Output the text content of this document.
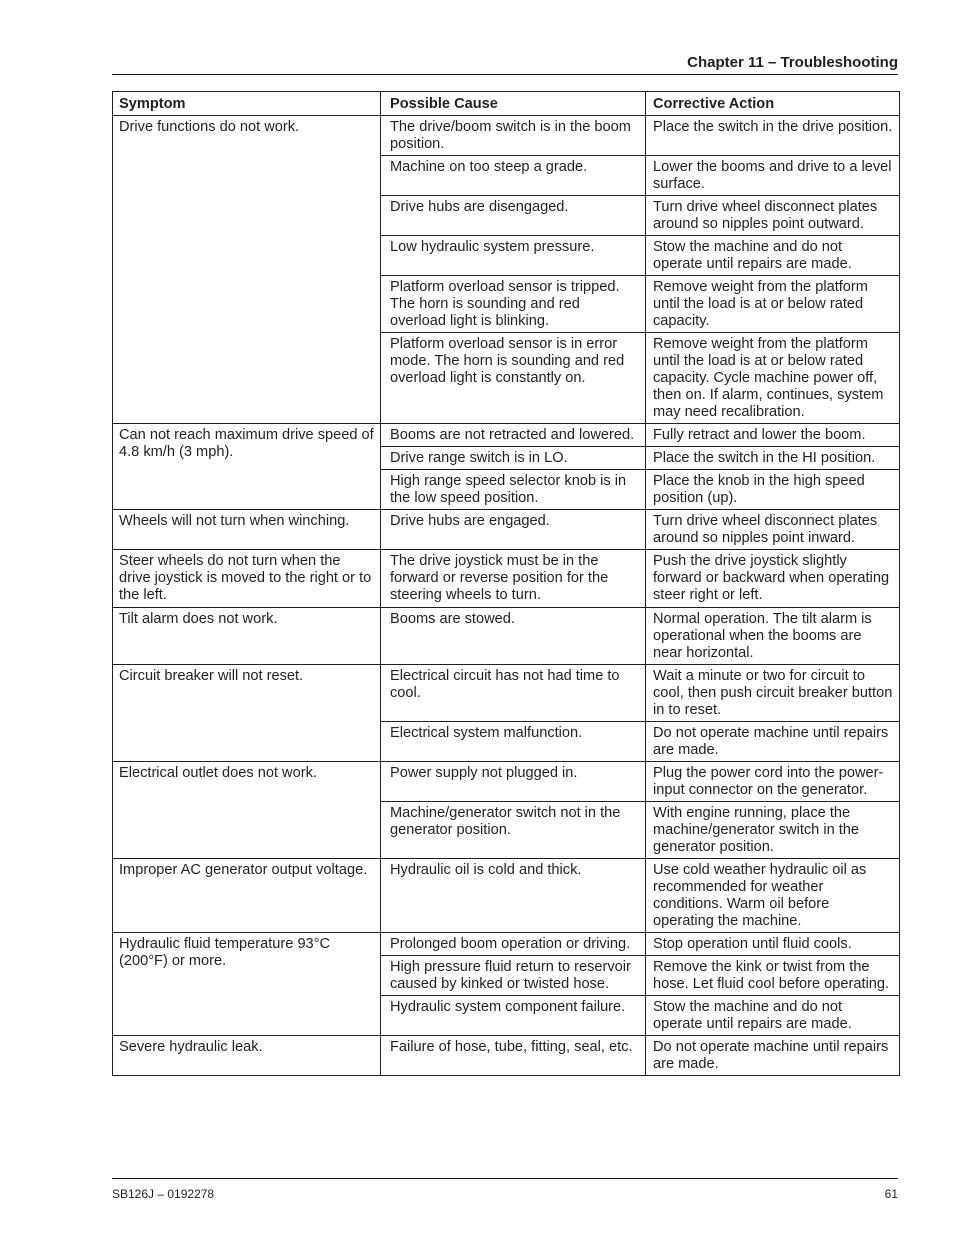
Chapter 11 – Troubleshooting
Symptom	Possible Cause	Corrective Action
Drive functions do not work.	The drive/boom switch is in the boom position.	Place the switch in the drive position.
	Machine on too steep a grade.	Lower the booms and drive to a level surface.
	Drive hubs are disengaged.	Turn drive wheel disconnect plates around so nipples point outward.
	Low hydraulic system pressure.	Stow the machine and do not operate until repairs are made.
	Platform overload sensor is tripped. The horn is sounding and red overload light is blinking.	Remove weight from the platform until the load is at or below rated capacity.
	Platform overload sensor is in error mode. The horn is sounding and red overload light is constantly on.	Remove weight from the platform until the load is at or below rated capacity. Cycle machine power off, then on. If alarm, continues, system may need recalibration.
Can not reach maximum drive speed of 4.8 km/h (3 mph).	Booms are not retracted and lowered.	Fully retract and lower the boom.
	Drive range switch is in LO.	Place the switch in the HI position.
	High range speed selector knob is in the low speed position.	Place the knob in the high speed position (up).
Wheels will not turn when winching.	Drive hubs are engaged.	Turn drive wheel disconnect plates around so nipples point inward.
Steer wheels do not turn when the drive joystick is moved to the right or to the left.	The drive joystick must be in the forward or reverse position for the steering wheels to turn.	Push the drive joystick slightly forward or backward when operating steer right or left.
Tilt alarm does not work.	Booms are stowed.	Normal operation. The tilt alarm is operational when the booms are near horizontal.
Circuit breaker will not reset.	Electrical circuit has not had time to cool.	Wait a minute or two for circuit to cool, then push circuit breaker button in to reset.
	Electrical system malfunction.	Do not operate machine until repairs are made.
Electrical outlet does not work.	Power supply not plugged in.	Plug the power cord into the power-input connector on the generator.
	Machine/generator switch not in the generator position.	With engine running, place the machine/generator switch in the generator position.
Improper AC generator output voltage.	Hydraulic oil is cold and thick.	Use cold weather hydraulic oil as recommended for weather conditions. Warm oil before operating the machine.
Hydraulic fluid temperature 93°C (200°F) or more.	Prolonged boom operation or driving.	Stop operation until fluid cools.
	High pressure fluid return to reservoir caused by kinked or twisted hose.	Remove the kink or twist from the hose. Let fluid cool before operating.
	Hydraulic system component failure.	Stow the machine and do not operate until repairs are made.
Severe hydraulic leak.	Failure of hose, tube, fitting, seal, etc.	Do not operate machine until repairs are made.
SB126J – 0192278	61
